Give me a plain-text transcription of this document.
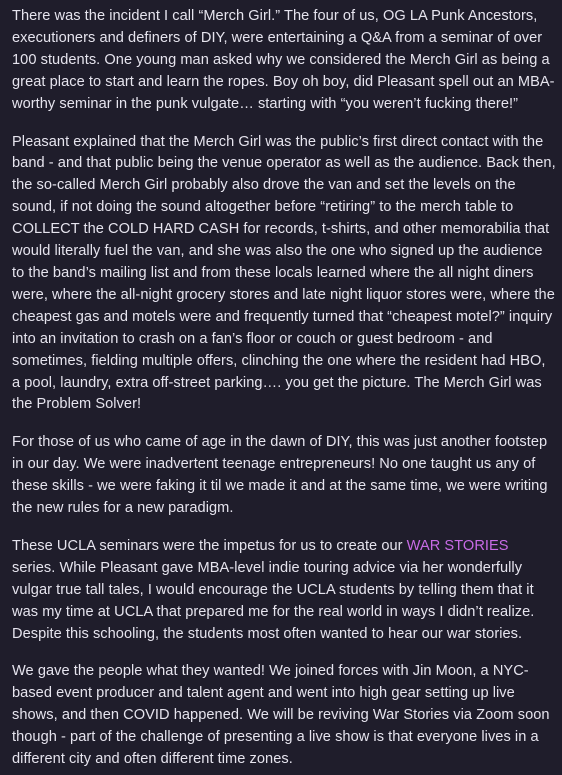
There was the incident I call “Merch Girl.” The four of us, OG LA Punk Ancestors, executioners and definers of DIY, were entertaining a Q&A from a seminar of over 100 students. One young man asked why we considered the Merch Girl as being a great place to start and learn the ropes. Boy oh boy, did Pleasant spell out an MBA-worthy seminar in the punk vulgate… starting with “you weren’t fucking there!”

Pleasant explained that the Merch Girl was the public’s first direct contact with the band - and that public being the venue operator as well as the audience. Back then, the so-called Merch Girl probably also drove the van and set the levels on the sound, if not doing the sound altogether before “retiring” to the merch table to COLLECT the COLD HARD CASH for records, t-shirts, and other memorabilia that would literally fuel the van, and she was also the one who signed up the audience to the band’s mailing list and from these locals learned where the all night diners were, where the all-night grocery stores and late night liquor stores were, where the cheapest gas and motels were and frequently turned that “cheapest motel?” inquiry into an invitation to crash on a fan’s floor or couch or guest bedroom - and sometimes, fielding multiple offers, clinching the one where the resident had HBO, a pool, laundry, extra off-street parking…. you get the picture. The Merch Girl was the Problem Solver!

For those of us who came of age in the dawn of DIY, this was just another footstep in our day. We were inadvertent teenage entrepreneurs! No one taught us any of these skills - we were faking it til we made it and at the same time, we were writing the new rules for a new paradigm.

These UCLA seminars were the impetus for us to create our WAR STORIES series. While Pleasant gave MBA-level indie touring advice via her wonderfully vulgar true tall tales, I would encourage the UCLA students by telling them that it was my time at UCLA that prepared me for the real world in ways I didn’t realize. Despite this schooling, the students most often wanted to hear our war stories.

We gave the people what they wanted! We joined forces with Jin Moon, a NYC-based event producer and talent agent and went into high gear setting up live shows, and then COVID happened. We will be reviving War Stories via Zoom soon though - part of the challenge of presenting a live show is that everyone lives in a different city and often different time zones.
